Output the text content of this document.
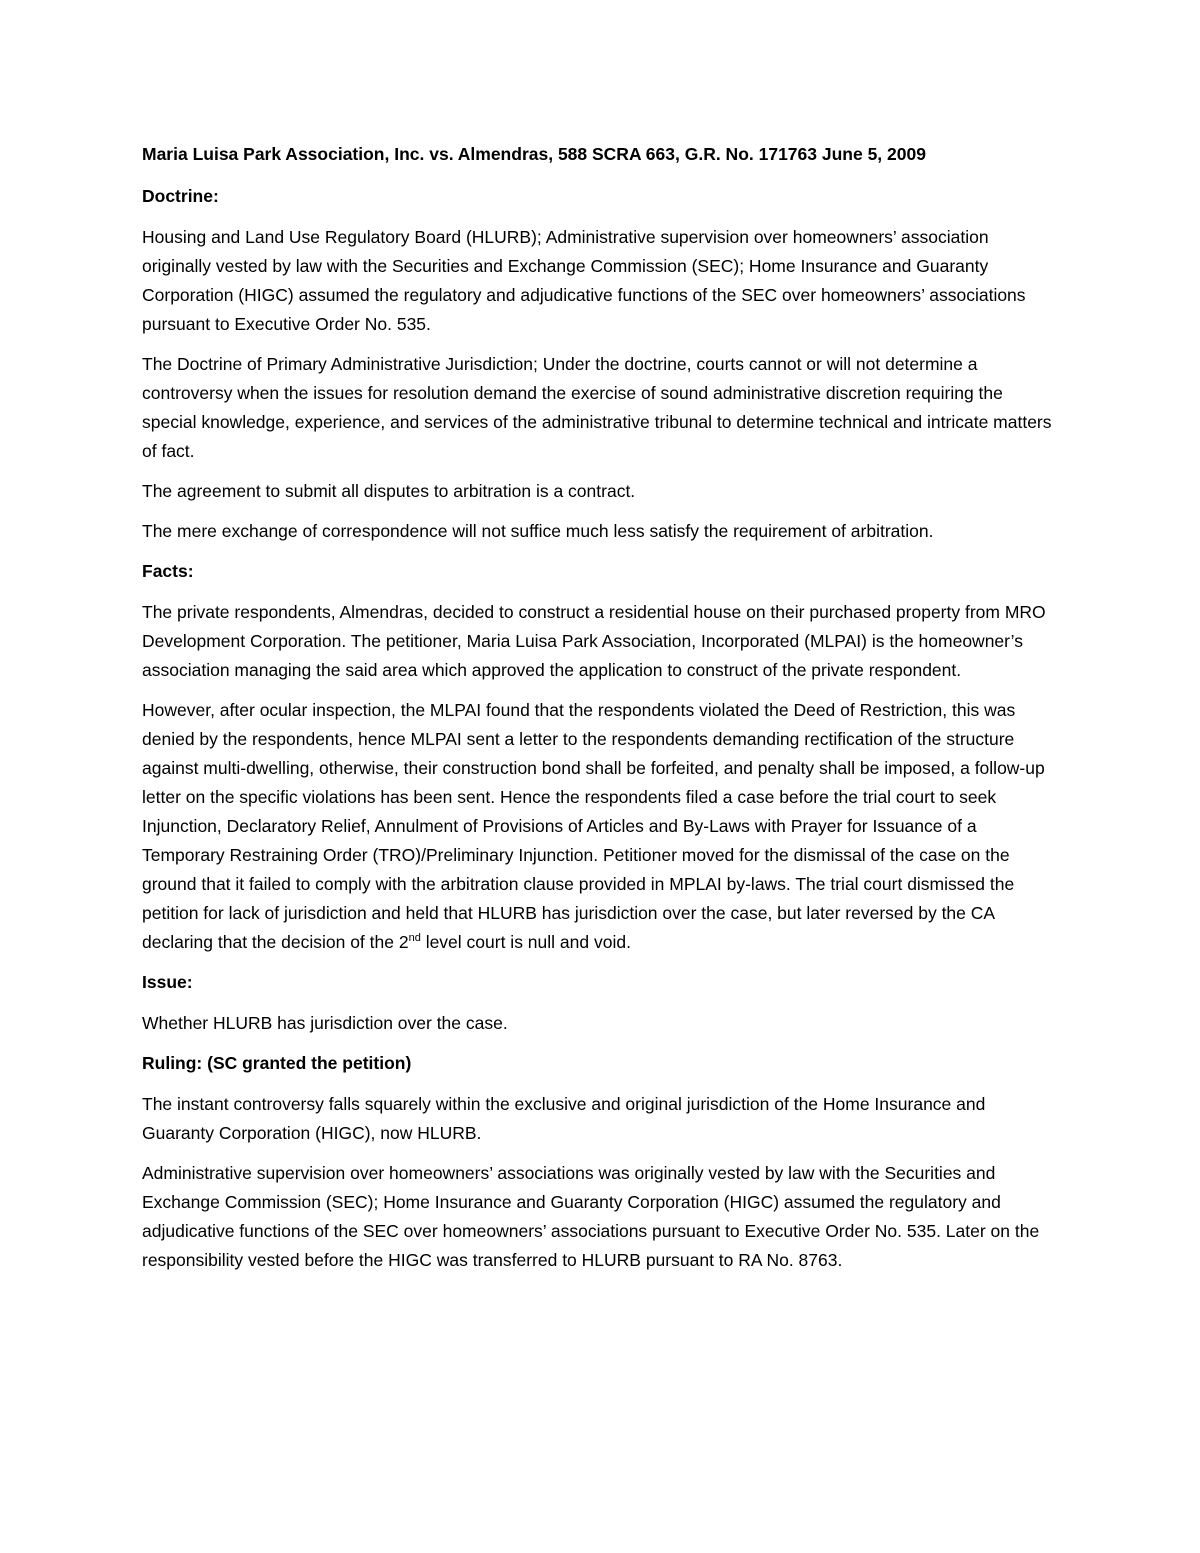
Maria Luisa Park Association, Inc. vs. Almendras, 588 SCRA 663, G.R. No. 171763 June 5, 2009
Doctrine:
Housing and Land Use Regulatory Board (HLURB); Administrative supervision over homeowners’ association originally vested by law with the Securities and Exchange Commission (SEC); Home Insurance and Guaranty Corporation (HIGC) assumed the regulatory and adjudicative functions of the SEC over homeowners’ associations pursuant to Executive Order No. 535.
The Doctrine of Primary Administrative Jurisdiction; Under the doctrine, courts cannot or will not determine a controversy when the issues for resolution demand the exercise of sound administrative discretion requiring the special knowledge, experience, and services of the administrative tribunal to determine technical and intricate matters of fact.
The agreement to submit all disputes to arbitration is a contract.
The mere exchange of correspondence will not suffice much less satisfy the requirement of arbitration.
Facts:
The private respondents, Almendras, decided to construct a residential house on their purchased property from MRO Development Corporation. The petitioner, Maria Luisa Park Association, Incorporated (MLPAI) is the homeowner’s association managing the said area which approved the application to construct of the private respondent.
However, after ocular inspection, the MLPAI found that the respondents violated the Deed of Restriction, this was denied by the respondents, hence MLPAI sent a letter to the respondents demanding rectification of the structure against multi-dwelling, otherwise, their construction bond shall be forfeited, and penalty shall be imposed, a follow-up letter on the specific violations has been sent. Hence the respondents filed a case before the trial court to seek Injunction, Declaratory Relief, Annulment of Provisions of Articles and By-Laws with Prayer for Issuance of a Temporary Restraining Order (TRO)/Preliminary Injunction. Petitioner moved for the dismissal of the case on the ground that it failed to comply with the arbitration clause provided in MPLAI by-laws. The trial court dismissed the petition for lack of jurisdiction and held that HLURB has jurisdiction over the case, but later reversed by the CA declaring that the decision of the 2nd level court is null and void.
Issue:
Whether HLURB has jurisdiction over the case.
Ruling: (SC granted the petition)
The instant controversy falls squarely within the exclusive and original jurisdiction of the Home Insurance and Guaranty Corporation (HIGC), now HLURB.
Administrative supervision over homeowners’ associations was originally vested by law with the Securities and Exchange Commission (SEC); Home Insurance and Guaranty Corporation (HIGC) assumed the regulatory and adjudicative functions of the SEC over homeowners’ associations pursuant to Executive Order No. 535. Later on the responsibility vested before the HIGC was transferred to HLURB pursuant to RA No. 8763.
